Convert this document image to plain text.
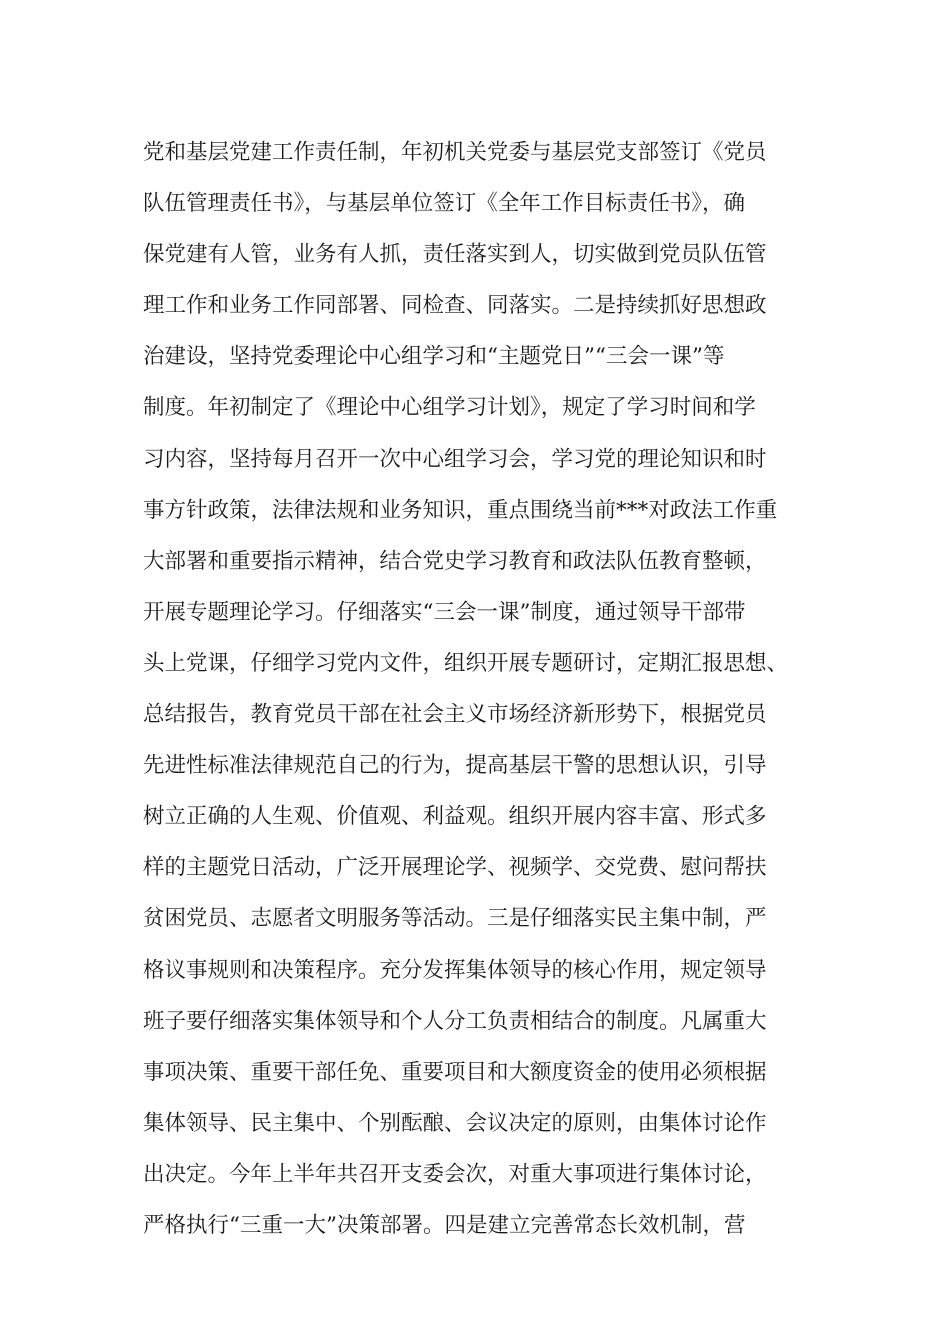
党和基层党建工作责任制，年初机关党委与基层党支部签订《党员
队伍管理责任书》，与基层单位签订《全年工作目标责任书》，确
保党建有人管，业务有人抓，责任落实到人，切实做到党员队伍管
理工作和业务工作同部署、同检查、同落实。二是持续抓好思想政
治建设，坚持党委理论中心组学习和“主题党日”“三会一课”等
制度。年初制定了《理论中心组学习计划》，规定了学习时间和学
习内容，坚持每月召开一次中心组学习会，学习党的理论知识和时
事方针政策，法律法规和业务知识，重点围绕当前***对政法工作重
大部署和重要指示精神，结合党史学习教育和政法队伍教育整顿，
开展专题理论学习。仔细落实“三会一课”制度，通过领导干部带
头上党课，仔细学习党内文件，组织开展专题研讨，定期汇报思想、
总结报告，教育党员干部在社会主义市场经济新形势下，根据党员
先进性标准法律规范自己的行为，提高基层干警的思想认识，引导
树立正确的人生观、价值观、利益观。组织开展内容丰富、形式多
样的主题党日活动，广泛开展理论学、视频学、交党费、慰问帮扶
贫困党员、志愿者文明服务等活动。三是仔细落实民主集中制，严
格议事规则和决策程序。充分发挥集体领导的核心作用，规定领导
班子要仔细落实集体领导和个人分工负责相结合的制度。凡属重大
事项决策、重要干部任免、重要项目和大额度资金的使用必须根据
集体领导、民主集中、个别酝酿、会议决定的原则，由集体讨论作
出决定。今年上半年共召开支委会次，对重大事项进行集体讨论，
严格执行“三重一大”决策部署。四是建立完善常态长效机制，营
